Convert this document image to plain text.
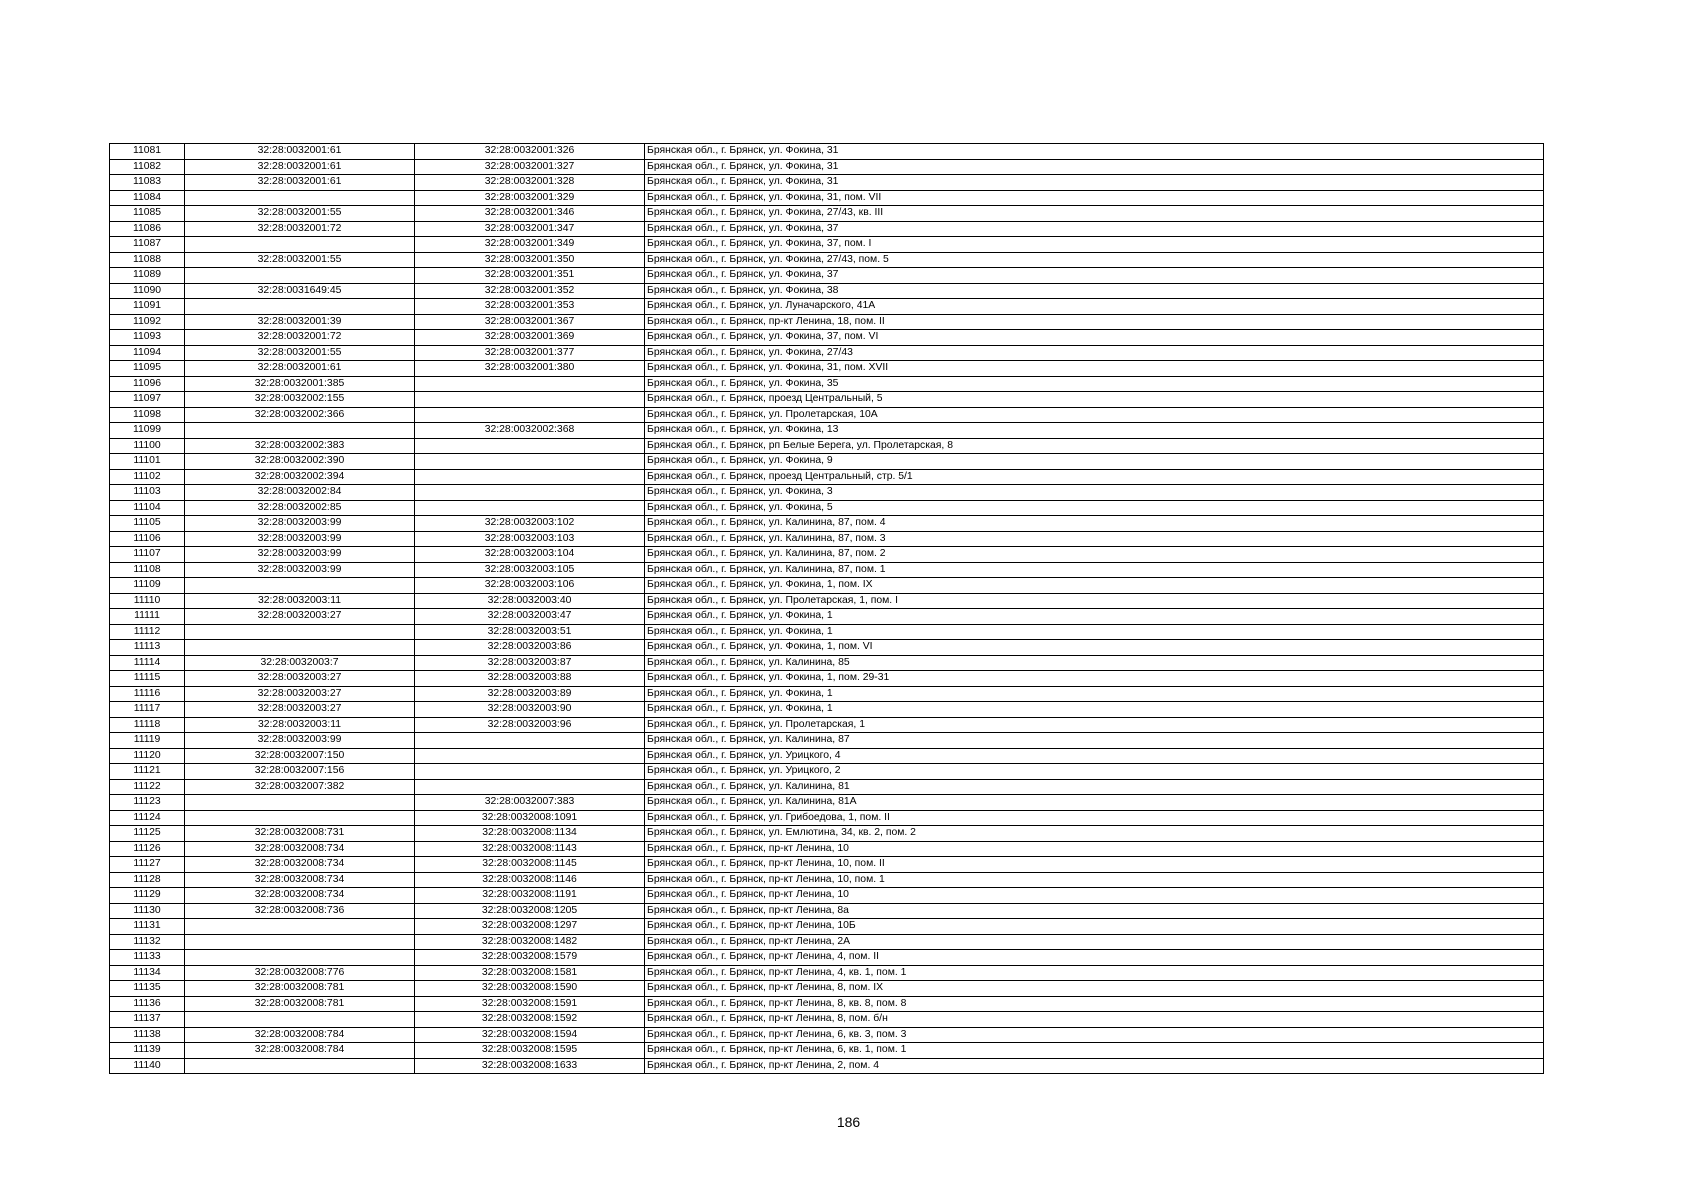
11081	32:28:0032001:61	32:28:0032001:326	Брянская обл., г. Брянск, ул. Фокина, 31
11082	32:28:0032001:61	32:28:0032001:327	Брянская обл., г. Брянск, ул. Фокина, 31
11083	32:28:0032001:61	32:28:0032001:328	Брянская обл., г. Брянск, ул. Фокина, 31
11084		32:28:0032001:329	Брянская обл., г. Брянск, ул. Фокина, 31, пом. VII
11085	32:28:0032001:55	32:28:0032001:346	Брянская обл., г. Брянск, ул. Фокина, 27/43, кв. III
11086	32:28:0032001:72	32:28:0032001:347	Брянская обл., г. Брянск, ул. Фокина, 37
11087		32:28:0032001:349	Брянская обл., г. Брянск, ул. Фокина, 37, пом. I
11088	32:28:0032001:55	32:28:0032001:350	Брянская обл., г. Брянск, ул. Фокина, 27/43, пом. 5
11089		32:28:0032001:351	Брянская обл., г. Брянск, ул. Фокина, 37
11090	32:28:0031649:45	32:28:0032001:352	Брянская обл., г. Брянск, ул. Фокина, 38
11091		32:28:0032001:353	Брянская обл., г. Брянск, ул. Луначарского, 41А
11092	32:28:0032001:39	32:28:0032001:367	Брянская обл., г. Брянск, пр-кт Ленина, 18, пом. II
11093	32:28:0032001:72	32:28:0032001:369	Брянская обл., г. Брянск, ул. Фокина, 37, пом. VI
11094	32:28:0032001:55	32:28:0032001:377	Брянская обл., г. Брянск, ул. Фокина, 27/43
11095	32:28:0032001:61	32:28:0032001:380	Брянская обл., г. Брянск, ул. Фокина, 31, пом. XVII
11096	32:28:0032001:385		Брянская обл., г. Брянск, ул. Фокина, 35
11097	32:28:0032002:155		Брянская обл., г. Брянск, проезд Центральный, 5
11098	32:28:0032002:366		Брянская обл., г. Брянск, ул. Пролетарская, 10А
11099		32:28:0032002:368	Брянская обл., г. Брянск, ул. Фокина, 13
11100	32:28:0032002:383		Брянская обл., г. Брянск, рп Белые Берега, ул. Пролетарская, 8
11101	32:28:0032002:390		Брянская обл., г. Брянск, ул. Фокина, 9
11102	32:28:0032002:394		Брянская обл., г. Брянск, проезд Центральный, стр. 5/1
11103	32:28:0032002:84		Брянская обл., г. Брянск, ул. Фокина, 3
11104	32:28:0032002:85		Брянская обл., г. Брянск, ул. Фокина, 5
11105	32:28:0032003:99	32:28:0032003:102	Брянская обл., г. Брянск, ул. Калинина, 87, пом. 4
11106	32:28:0032003:99	32:28:0032003:103	Брянская обл., г. Брянск, ул. Калинина, 87, пом. 3
11107	32:28:0032003:99	32:28:0032003:104	Брянская обл., г. Брянск, ул. Калинина, 87, пом. 2
11108	32:28:0032003:99	32:28:0032003:105	Брянская обл., г. Брянск, ул. Калинина, 87, пом. 1
11109		32:28:0032003:106	Брянская обл., г. Брянск, ул. Фокина, 1, пом. IX
11110	32:28:0032003:11	32:28:0032003:40	Брянская обл., г. Брянск, ул. Пролетарская, 1, пом. I
11111	32:28:0032003:27	32:28:0032003:47	Брянская обл., г. Брянск, ул. Фокина, 1
11112		32:28:0032003:51	Брянская обл., г. Брянск, ул. Фокина, 1
11113		32:28:0032003:86	Брянская обл., г. Брянск, ул. Фокина, 1, пом. VI
11114	32:28:0032003:7	32:28:0032003:87	Брянская обл., г. Брянск, ул. Калинина, 85
11115	32:28:0032003:27	32:28:0032003:88	Брянская обл., г. Брянск, ул. Фокина, 1, пом. 29-31
11116	32:28:0032003:27	32:28:0032003:89	Брянская обл., г. Брянск, ул. Фокина, 1
11117	32:28:0032003:27	32:28:0032003:90	Брянская обл., г. Брянск, ул. Фокина, 1
11118	32:28:0032003:11	32:28:0032003:96	Брянская обл., г. Брянск, ул. Пролетарская, 1
11119	32:28:0032003:99		Брянская обл., г. Брянск, ул. Калинина, 87
11120	32:28:0032007:150		Брянская обл., г. Брянск, ул. Урицкого, 4
11121	32:28:0032007:156		Брянская обл., г. Брянск, ул. Урицкого, 2
11122	32:28:0032007:382		Брянская обл., г. Брянск, ул. Калинина, 81
11123		32:28:0032007:383	Брянская обл., г. Брянск, ул. Калинина, 81А
11124		32:28:0032008:1091	Брянская обл., г. Брянск, ул. Грибоедова, 1, пом. II
11125	32:28:0032008:731	32:28:0032008:1134	Брянская обл., г. Брянск, ул. Емлютина, 34, кв. 2, пом. 2
11126	32:28:0032008:734	32:28:0032008:1143	Брянская обл., г. Брянск, пр-кт Ленина, 10
11127	32:28:0032008:734	32:28:0032008:1145	Брянская обл., г. Брянск, пр-кт Ленина, 10, пом. II
11128	32:28:0032008:734	32:28:0032008:1146	Брянская обл., г. Брянск, пр-кт Ленина, 10, пом. 1
11129	32:28:0032008:734	32:28:0032008:1191	Брянская обл., г. Брянск, пр-кт Ленина, 10
11130	32:28:0032008:736	32:28:0032008:1205	Брянская обл., г. Брянск, пр-кт Ленина, 8а
11131		32:28:0032008:1297	Брянская обл., г. Брянск, пр-кт Ленина, 10Б
11132		32:28:0032008:1482	Брянская обл., г. Брянск, пр-кт Ленина, 2А
11133		32:28:0032008:1579	Брянская обл., г. Брянск, пр-кт Ленина, 4, пом. II
11134	32:28:0032008:776	32:28:0032008:1581	Брянская обл., г. Брянск, пр-кт Ленина, 4, кв. 1, пом. 1
11135	32:28:0032008:781	32:28:0032008:1590	Брянская обл., г. Брянск, пр-кт Ленина, 8, пом. IX
11136	32:28:0032008:781	32:28:0032008:1591	Брянская обл., г. Брянск, пр-кт Ленина, 8, кв. 8, пом. 8
11137		32:28:0032008:1592	Брянская обл., г. Брянск, пр-кт Ленина, 8, пом. б/н
11138	32:28:0032008:784	32:28:0032008:1594	Брянская обл., г. Брянск, пр-кт Ленина, 6, кв. 3, пом. 3
11139	32:28:0032008:784	32:28:0032008:1595	Брянская обл., г. Брянск, пр-кт Ленина, 6, кв. 1, пом. 1
11140		32:28:0032008:1633	Брянская обл., г. Брянск, пр-кт Ленина, 2, пом. 4
186
